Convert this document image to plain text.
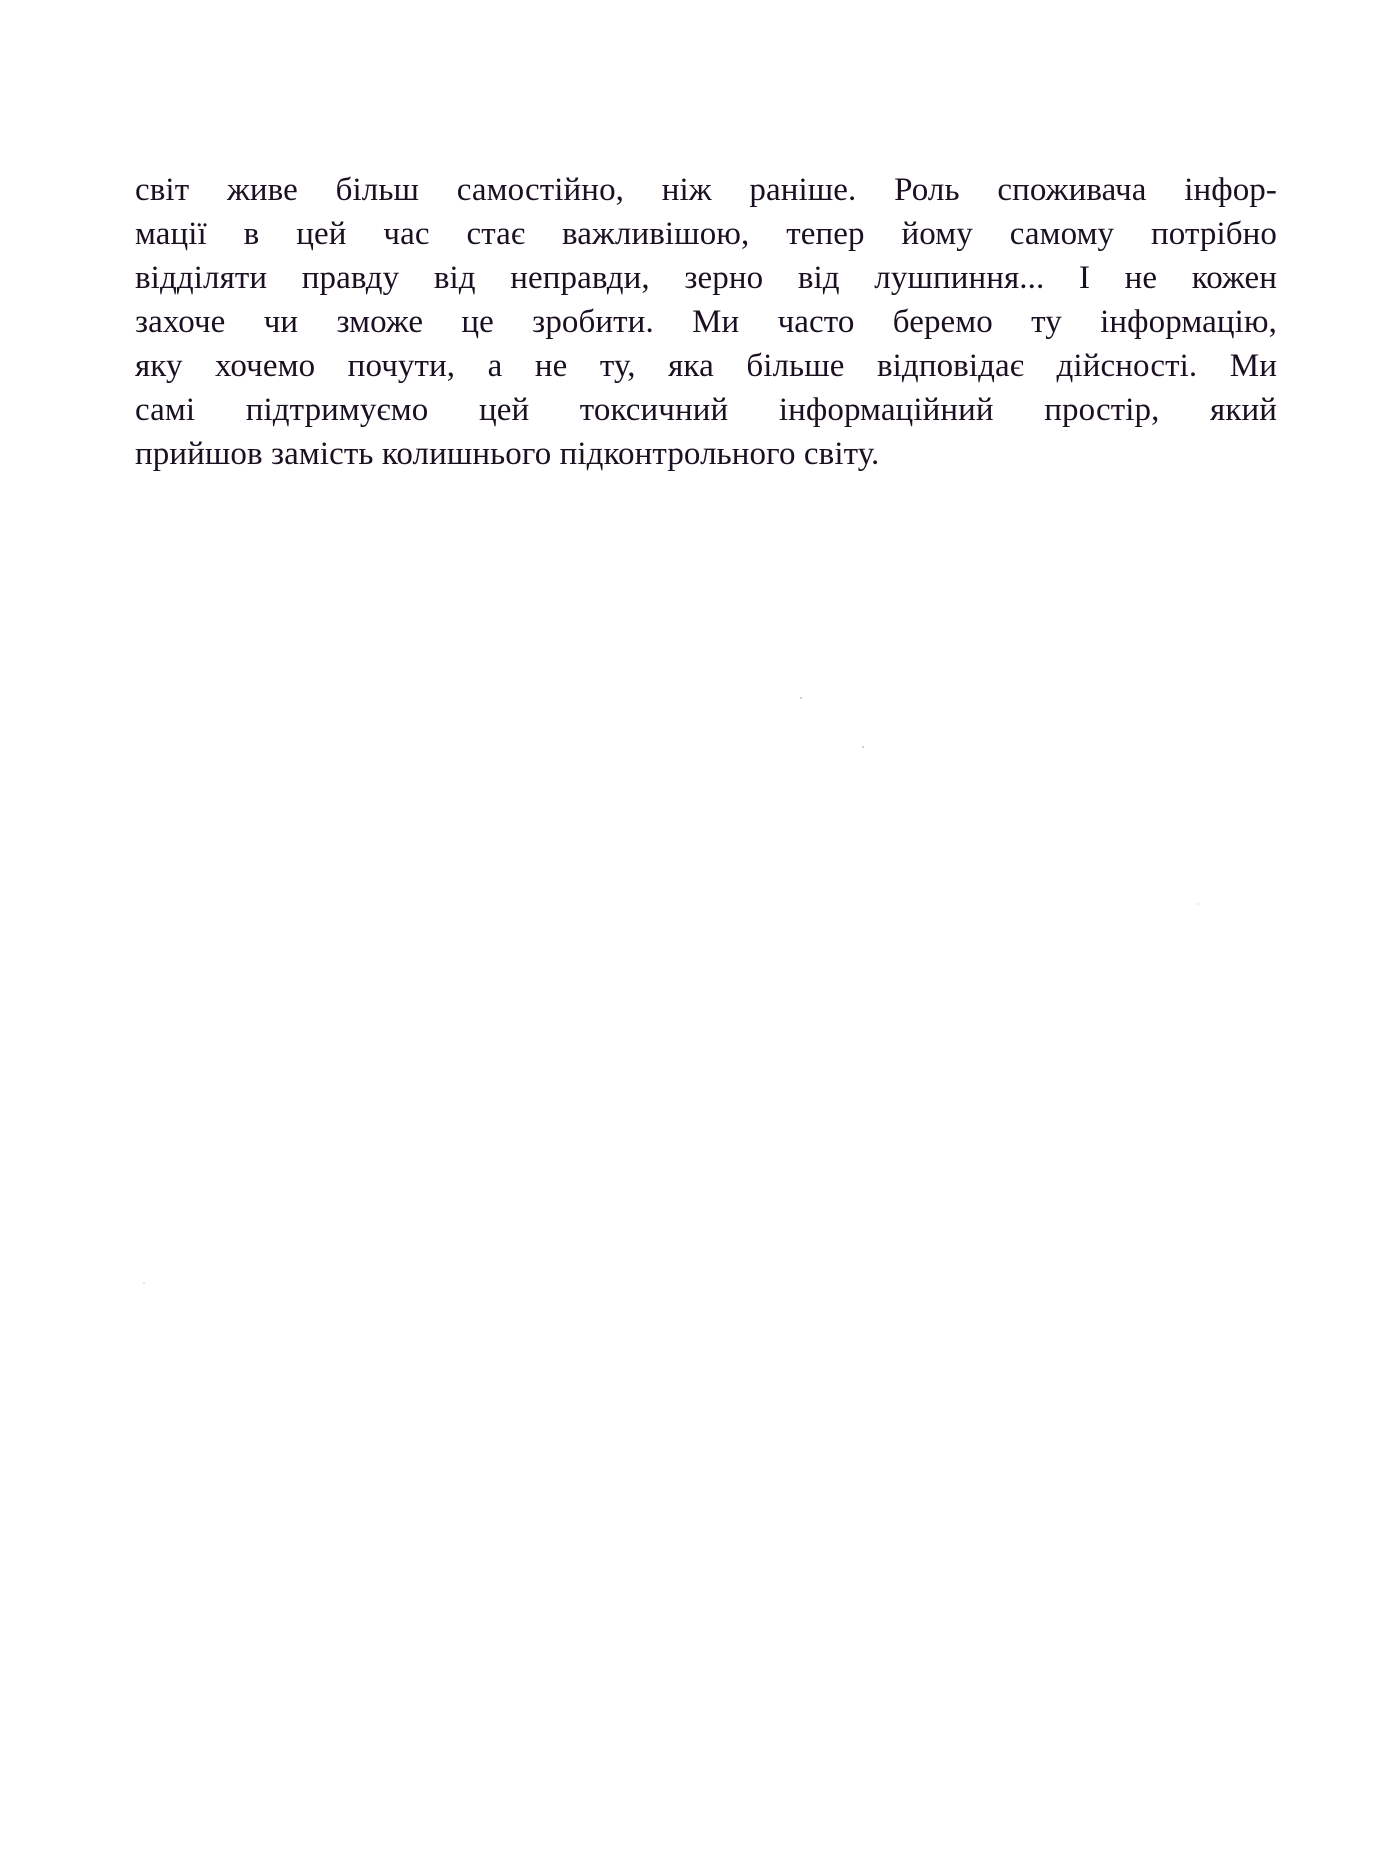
світ живе більш самостійно, ніж раніше. Роль споживача інфор-
мації в цей час стає важливішою, тепер йому самому потрібно
відділяти правду від неправди, зерно від лушпиння... І не кожен
захоче чи зможе це зробити. Ми часто беремо ту інформацію,
яку хочемо почути, а не ту, яка більше відповідає дійсності. Ми
самі підтримуємо цей токсичний інформаційний простір, який
прийшов замість колишнього підконтрольного світу.
